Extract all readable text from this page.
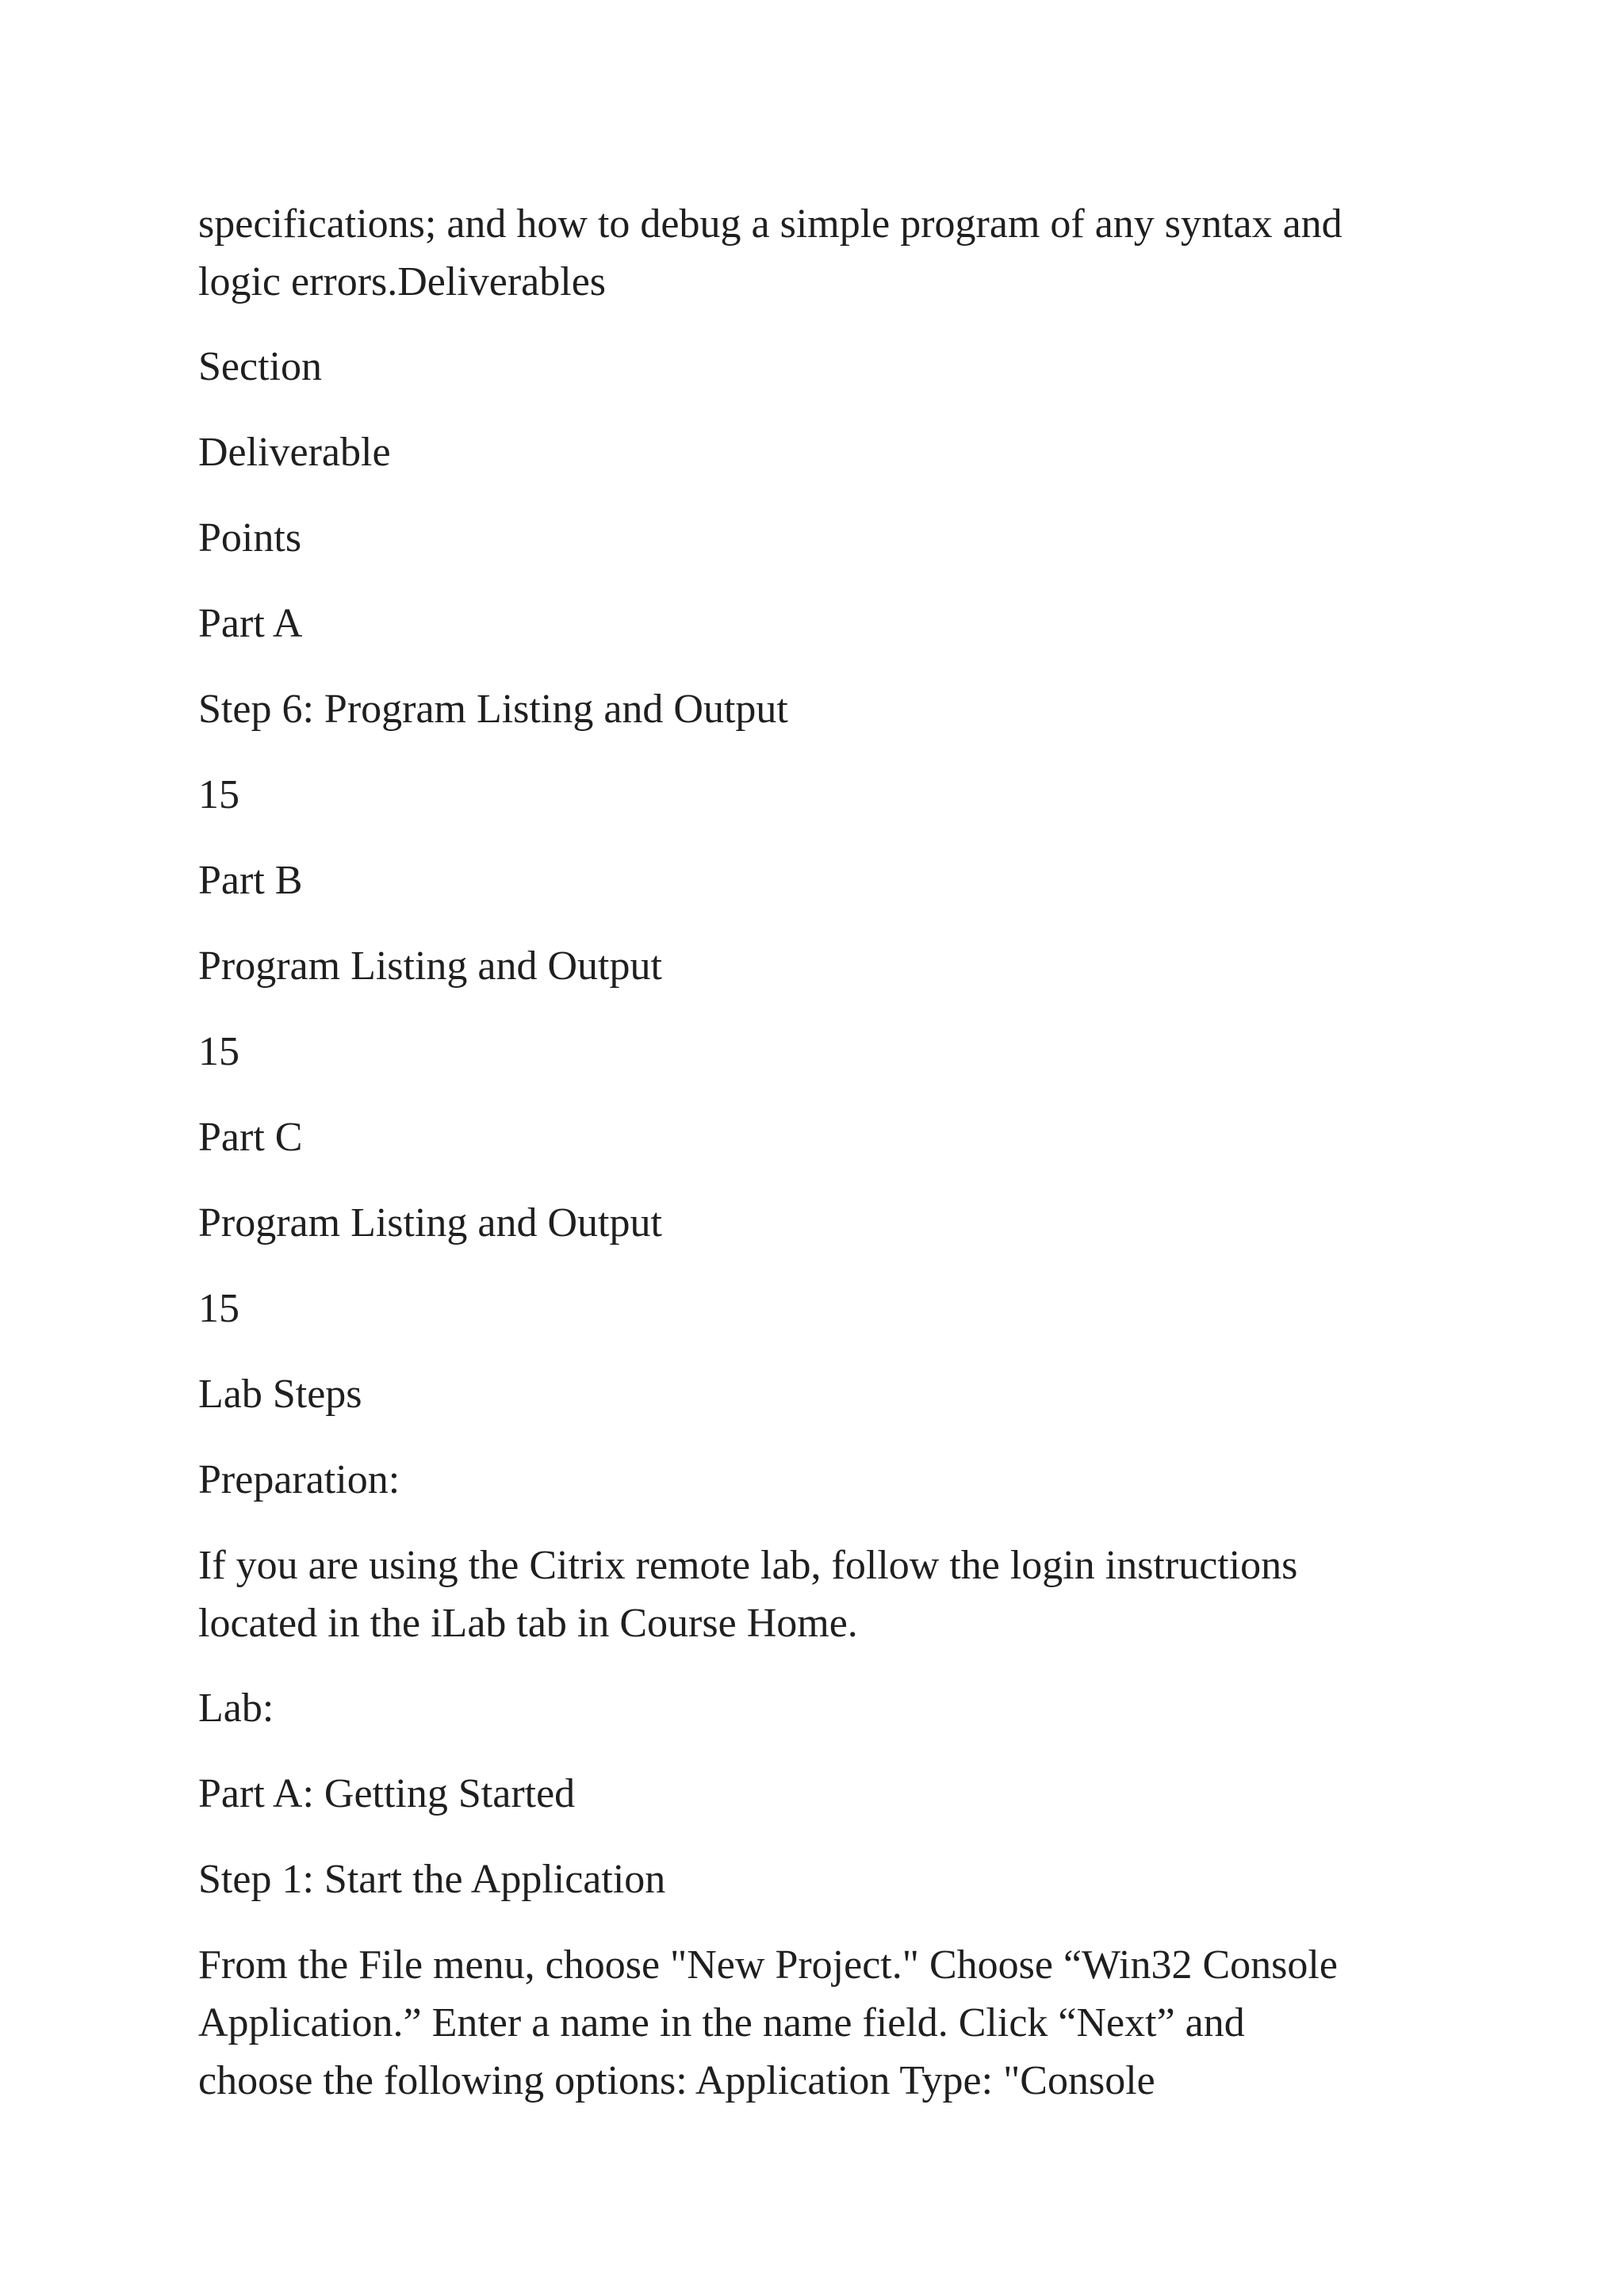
specifications; and how to debug a simple program of any syntax and
logic errors.Deliverables

Section

Deliverable

Points

Part A

Step 6: Program Listing and Output

15

Part B

Program Listing and Output

15

Part C

Program Listing and Output

15

Lab Steps

Preparation:

If you are using the Citrix remote lab, follow the login instructions
located in the iLab tab in Course Home.

Lab:

Part A: Getting Started

Step 1: Start the Application

From the File menu, choose "New Project." Choose “Win32 Console
Application.” Enter a name in the name field. Click “Next” and
choose the following options: Application Type: "Console
